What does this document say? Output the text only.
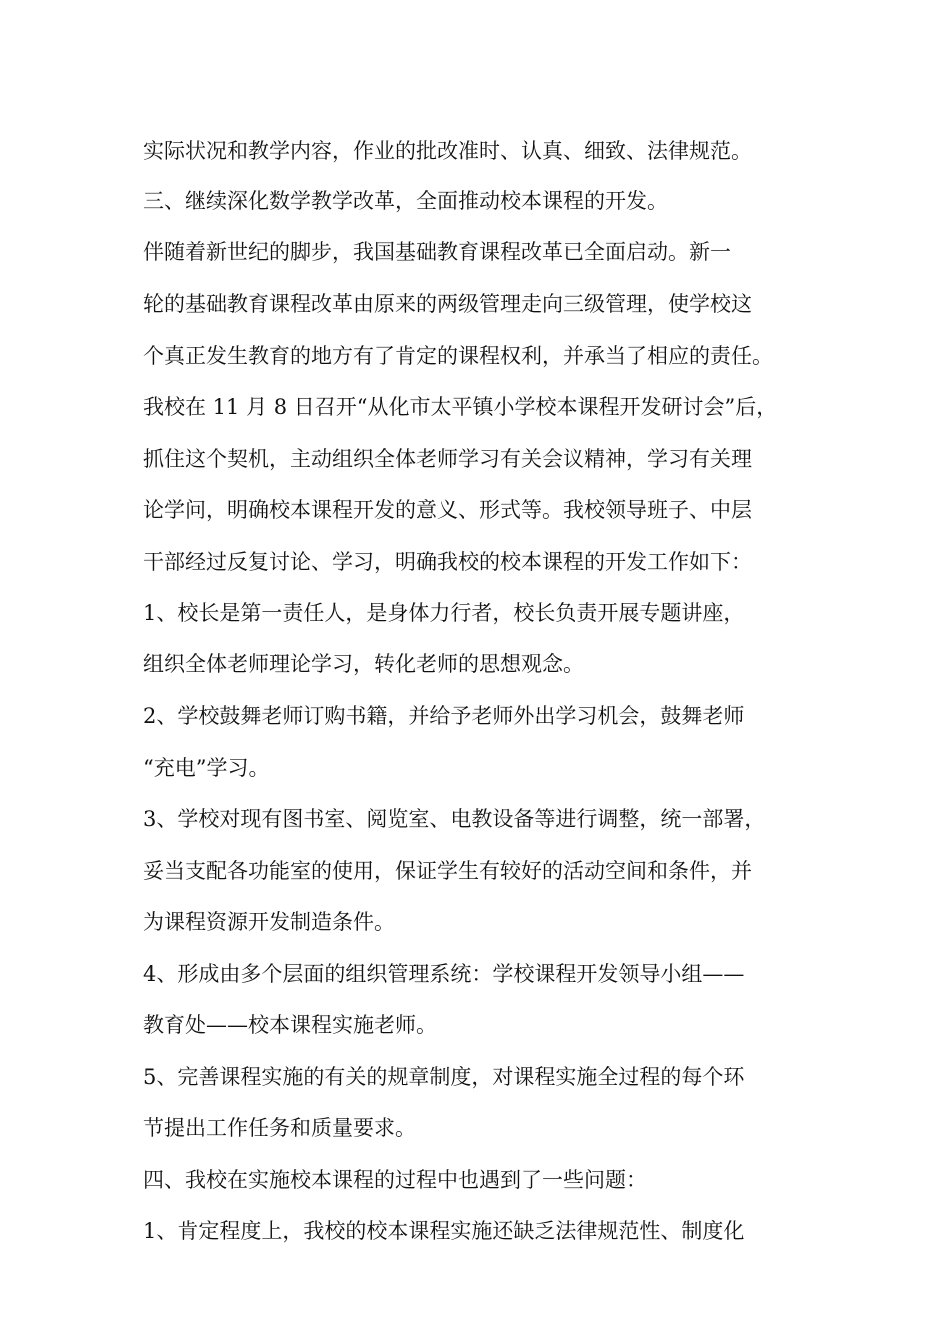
实际状况和教学内容，作业的批改准时、认真、细致、法律规范。
三、继续深化数学教学改革，全面推动校本课程的开发。
伴随着新世纪的脚步，我国基础教育课程改革已全面启动。新一
轮的基础教育课程改革由原来的两级管理走向三级管理，使学校这
个真正发生教育的地方有了肯定的课程权利，并承当了相应的责任。
我校在 11 月 8 日召开“从化市太平镇小学校本课程开发研讨会”后，
抓住这个契机，主动组织全体老师学习有关会议精神，学习有关理
论学问，明确校本课程开发的意义、形式等。我校领导班子、中层
干部经过反复讨论、学习，明确我校的校本课程的开发工作如下：
1、校长是第一责任人，是身体力行者，校长负责开展专题讲座，
组织全体老师理论学习，转化老师的思想观念。
2、学校鼓舞老师订购书籍，并给予老师外出学习机会，鼓舞老师
“充电”学习。
3、学校对现有图书室、阅览室、电教设备等进行调整，统一部署，
妥当支配各功能室的使用，保证学生有较好的活动空间和条件，并
为课程资源开发制造条件。
4、形成由多个层面的组织管理系统：学校课程开发领导小组——
教育处——校本课程实施老师。
5、完善课程实施的有关的规章制度，对课程实施全过程的每个环
节提出工作任务和质量要求。
四、我校在实施校本课程的过程中也遇到了一些问题：
1、肯定程度上，我校的校本课程实施还缺乏法律规范性、制度化
